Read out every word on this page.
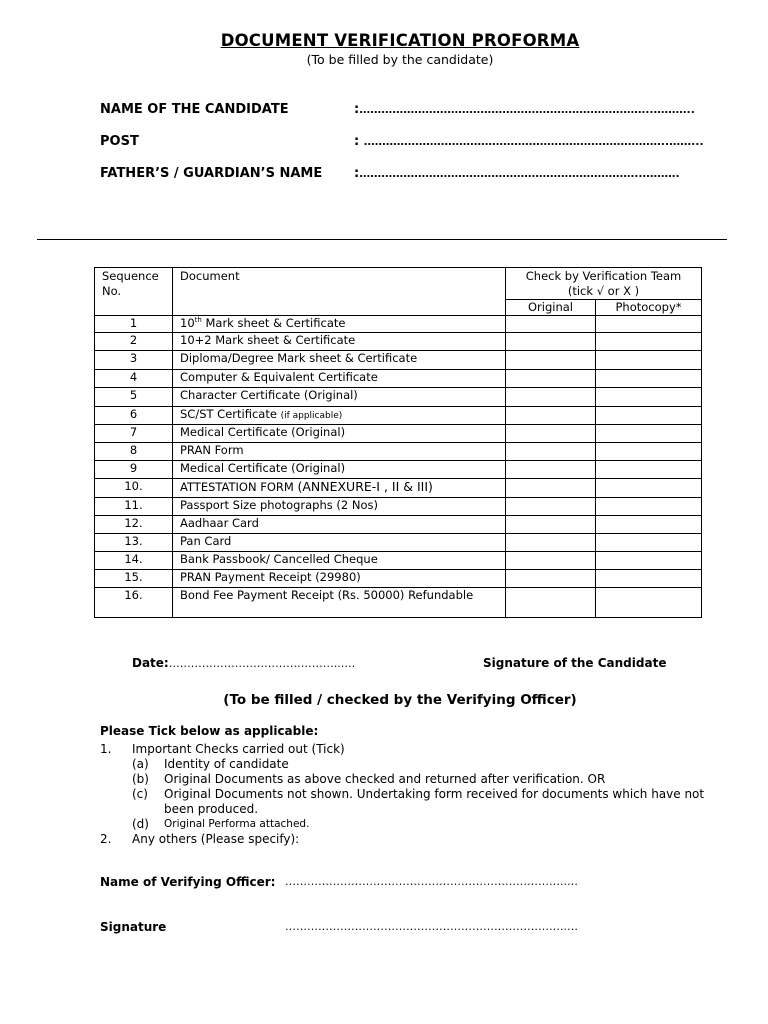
DOCUMENT VERIFICATION PROFORMA
(To be filled by the candidate)
NAME OF THE CANDIDATE	:……………………………………………………………………..………..
POST	: ………………………………………………………………………..……...
FATHER’S / GUARDIAN’S NAME :…………………………………………………………………..……….
Sequence No.	Document	Check by Verification Team
(tick √ or X )	

		Original	Photocopy*
1	10th Mark sheet & Certificate		
2	10+2 Mark sheet & Certificate		
3	Diploma/Degree Mark sheet & Certificate		
4	Computer & Equivalent Certificate		
5	Character Certificate (Original)		
6	SC/ST Certificate (if applicable)		
7	Medical Certificate (Original)		
8	PRAN Form		
9	Medical Certificate (Original)		
10.	ATTESTATION FORM (ANNEXURE-I , II & III)		
11.	Passport Size photographs (2 Nos)		
12.	Aadhaar Card		
13.	Pan Card		
14.	Bank Passbook/ Cancelled Cheque		
15.	PRAN Payment Receipt (29980)		
16.	Bond Fee Payment Receipt (Rs. 50000) Refundable		
Date:………………………………………..….	Signature of the Candidate
(To be filled / checked by the Verifying Officer)
Please Tick below as applicable:
1. Important Checks carried out (Tick)
(a) Identity of candidate
(b) Original Documents as above checked and returned after verification. OR
(c) Original Documents not shown. Undertaking form received for documents which have not
been produced.
(d) Original Performa attached.
2. Any others (Please specify):
Name of Verifying Officer: …………………………………………………………………..…
Signature	…………………………………………………………………..…
